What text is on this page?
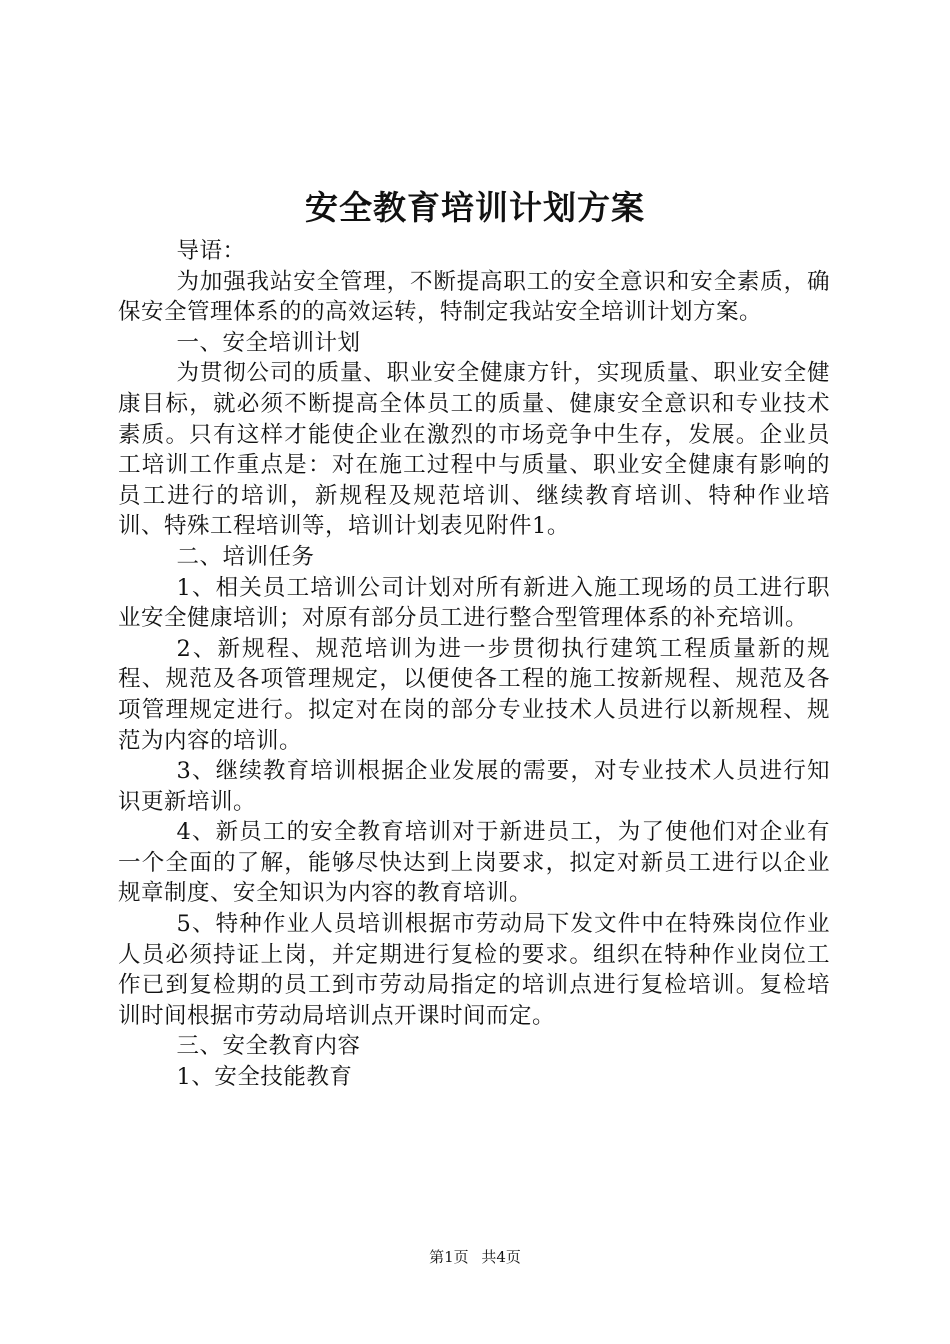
安全教育培训计划方案

导语：

为加强我站安全管理，不断提高职工的安全意识和安全素质，确保安全管理体系的的高效运转，特制定我站安全培训计划方案。

一、安全培训计划

为贯彻公司的质量、职业安全健康方针，实现质量、职业安全健康目标，就必须不断提高全体员工的质量、健康安全意识和专业技术素质。只有这样才能使企业在激烈的市场竞争中生存，发展。企业员工培训工作重点是：对在施工过程中与质量、职业安全健康有影响的员工进行的培训，新规程及规范培训、继续教育培训、特种作业培训、特殊工程培训等，培训计划表见附件1。

二、培训任务

1、相关员工培训公司计划对所有新进入施工现场的员工进行职业安全健康培训；对原有部分员工进行整合型管理体系的补充培训。

2、新规程、规范培训为进一步贯彻执行建筑工程质量新的规程、规范及各项管理规定，以便使各工程的施工按新规程、规范及各项管理规定进行。拟定对在岗的部分专业技术人员进行以新规程、规范为内容的培训。

3、继续教育培训根据企业发展的需要，对专业技术人员进行知识更新培训。

4、新员工的安全教育培训对于新进员工，为了使他们对企业有一个全面的了解，能够尽快达到上岗要求，拟定对新员工进行以企业规章制度、安全知识为内容的教育培训。

5、特种作业人员培训根据市劳动局下发文件中在特殊岗位作业人员必须持证上岗，并定期进行复检的要求。组织在特种作业岗位工作已到复检期的员工到市劳动局指定的培训点进行复检培训。复检培训时间根据市劳动局培训点开课时间而定。

三、安全教育内容

1、安全技能教育

第1页 共4页
